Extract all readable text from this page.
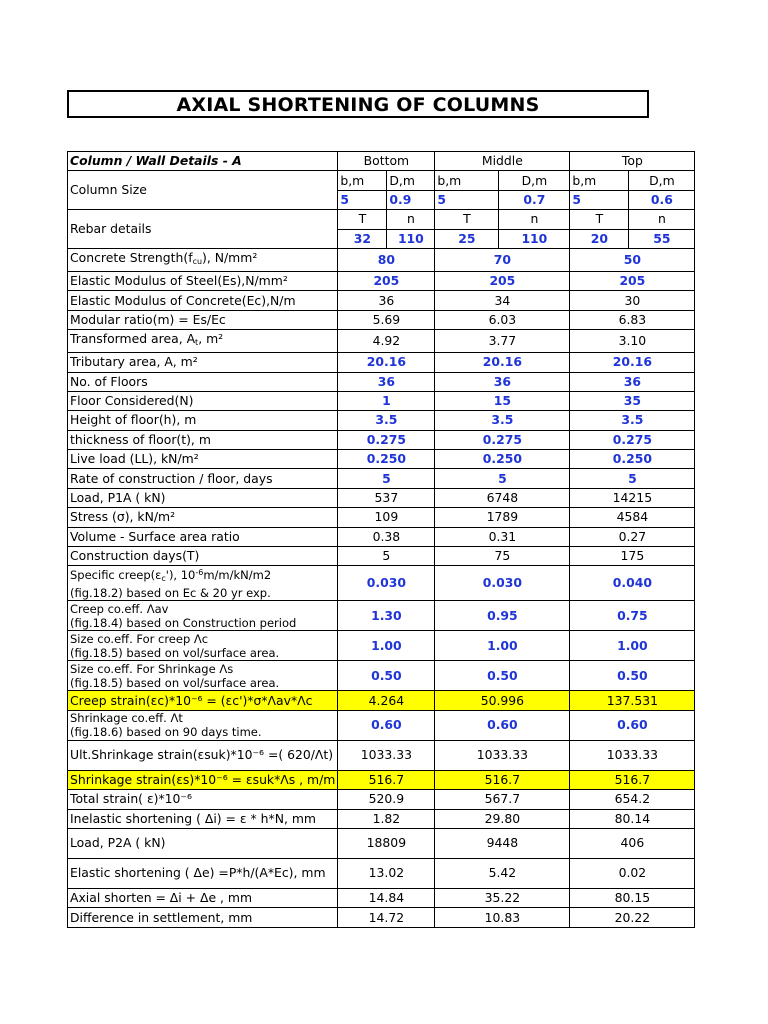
AXIAL SHORTENING OF COLUMNS
Column / Wall Details - A	Bottom		Middle		Top	
Column Size	b,m	D,m	b,m	D,m	b,m	D,m
	5	0.9	5	0.7	5	0.6
Rebar details	T	n	T	n	T	n
	32	110	25	110	20	55
Concrete $Strength(f_{cu})$, N/mm²	80		70		50	
Elastic Modulus of Steel(Es),N/mm²	205		205		205	
Elastic Modulus of Concrete(Ec),N/m	36		34		30	
Modular ratio(m) = Es/Ec	5.69		6.03		6.83	
Transformed area, $A_t$, m²	4.92		3.77		3.10	
Tributary area, A, m²	20.16		20.16		20.16	
No. of Floors	36		36		36	
Floor Considered(N)	1		15		35	
Height of floor(h), m	3.5		3.5		3.5	
thickness of floor(t), m	0.275		0.275		0.275	
Live load (LL), kN/m²	0.250		0.250		0.250	
Rate of construction / floor, days	5		5		5	
Load, P1A ( kN)	537		6748		14215	
Stress (σ), kN/m²	109		1789		4584	
Volume - Surface area ratio	0.38		0.31		0.27	
Construction days(T)	5		75		175	

Specific $creep(\varepsilon_c')$, $10^{-6}m/m/kN/m2$
(fig.18.2) based on Ec & 20 yr exp.	0.030		0.030		0.040	

Creep co.eff. Λav
(fig.18.4) based on Construction period	1.30		0.95		0.75	

Size co.eff. For creep Λc
(fig.18.5) based on vol/surface area.	1.00		1.00		1.00	

Size co.eff. For Shrinkage Λs
(fig.18.5) based on vol/surface area.	0.50		0.50		0.50	
Creep strain(εc)*10⁻⁶ = (εc')*σ*Λav*Λc	4.264		50.996		137.531	

Shrinkage co.eff. Λt
(fig.18.6) based on 90 days time.	0.60		0.60		0.60	
Ult.Shrinkage strain(εsuk)*10⁻⁶ =( 620/Λt)	1033.33		1033.33		1033.33	
Shrinkage strain(εs)*10⁻⁶ = εsuk*Λs , m/m	516.7		516.7		516.7	
Total strain( ε)*10⁻⁶	520.9		567.7		654.2	
Inelastic shortening ( Δi) = ε * h*N, mm	1.82		29.80		80.14	
Load, P2A ( kN)	18809		9448		406	
Elastic shortening ( Δe) =P*h/(A*Ec), mm	13.02		5.42		0.02	
Axial shorten = Δi + Δe , mm	14.84		35.22		80.15	
Difference in settlement, mm	14.72		10.83		20.22	
